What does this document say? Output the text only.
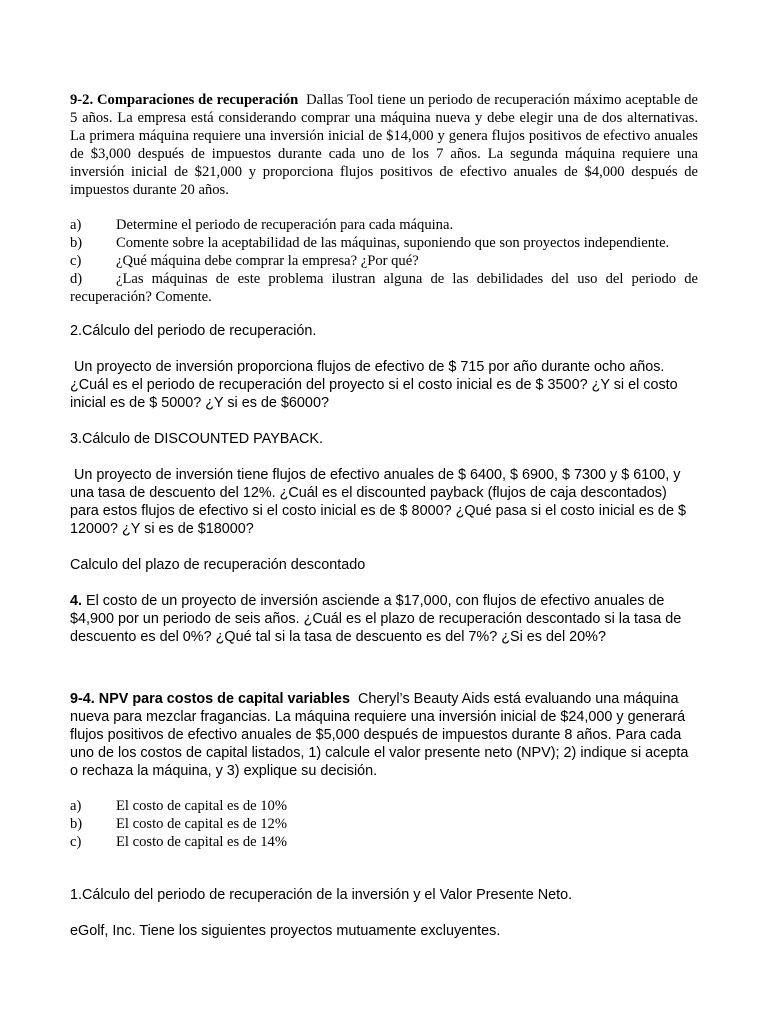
9-2. Comparaciones de recuperación Dallas Tool tiene un periodo de recuperación máximo aceptable de 5 años. La empresa está considerando comprar una máquina nueva y debe elegir una de dos alternativas. La primera máquina requiere una inversión inicial de $14,000 y genera flujos positivos de efectivo anuales de $3,000 después de impuestos durante cada uno de los 7 años. La segunda máquina requiere una inversión inicial de $21,000 y proporciona flujos positivos de efectivo anuales de $4,000 después de impuestos durante 20 años.

a)	Determine el periodo de recuperación para cada máquina.
b)	Comente sobre la aceptabilidad de las máquinas, suponiendo que son proyectos independiente.
c)	¿Qué máquina debe comprar la empresa? ¿Por qué?

d) ¿Las máquinas de este problema ilustran alguna de las debilidades del uso del periodo de recuperación? Comente.

2.Cálculo del periodo de recuperación.

Un proyecto de inversión proporciona flujos de efectivo de $ 715 por año durante ocho años. ¿Cuál es el periodo de recuperación del proyecto si el costo inicial es de $ 3500? ¿Y si el costo inicial es de $ 5000? ¿Y si es de $6000?

3.Cálculo de DISCOUNTED PAYBACK.

Un proyecto de inversión tiene flujos de efectivo anuales de $ 6400, $ 6900, $ 7300 y $ 6100, y una tasa de descuento del 12%. ¿Cuál es el discounted payback (flujos de caja descontados) para estos flujos de efectivo si el costo inicial es de $ 8000? ¿Qué pasa si el costo inicial es de $ 12000? ¿Y si es de $18000?

Calculo del plazo de recuperación descontado

4. El costo de un proyecto de inversión asciende a $17,000, con flujos de efectivo anuales de $4,900 por un periodo de seis años. ¿Cuál es el plazo de recuperación descontado si la tasa de descuento es del 0%? ¿Qué tal si la tasa de descuento es del 7%? ¿Si es del 20%?

9-4. NPV para costos de capital variables Cheryl’s Beauty Aids está evaluando una máquina nueva para mezclar fragancias. La máquina requiere una inversión inicial de $24,000 y generará flujos positivos de efectivo anuales de $5,000 después de impuestos durante 8 años. Para cada uno de los costos de capital listados, 1) calcule el valor presente neto (NPV); 2) indique si acepta o rechaza la máquina, y 3) explique su decisión.

a)	El costo de capital es de 10%
b)	El costo de capital es de 12%
c)	El costo de capital es de 14%

1.Cálculo del periodo de recuperación de la inversión y el Valor Presente Neto.

eGolf, Inc. Tiene los siguientes proyectos mutuamente excluyentes.
